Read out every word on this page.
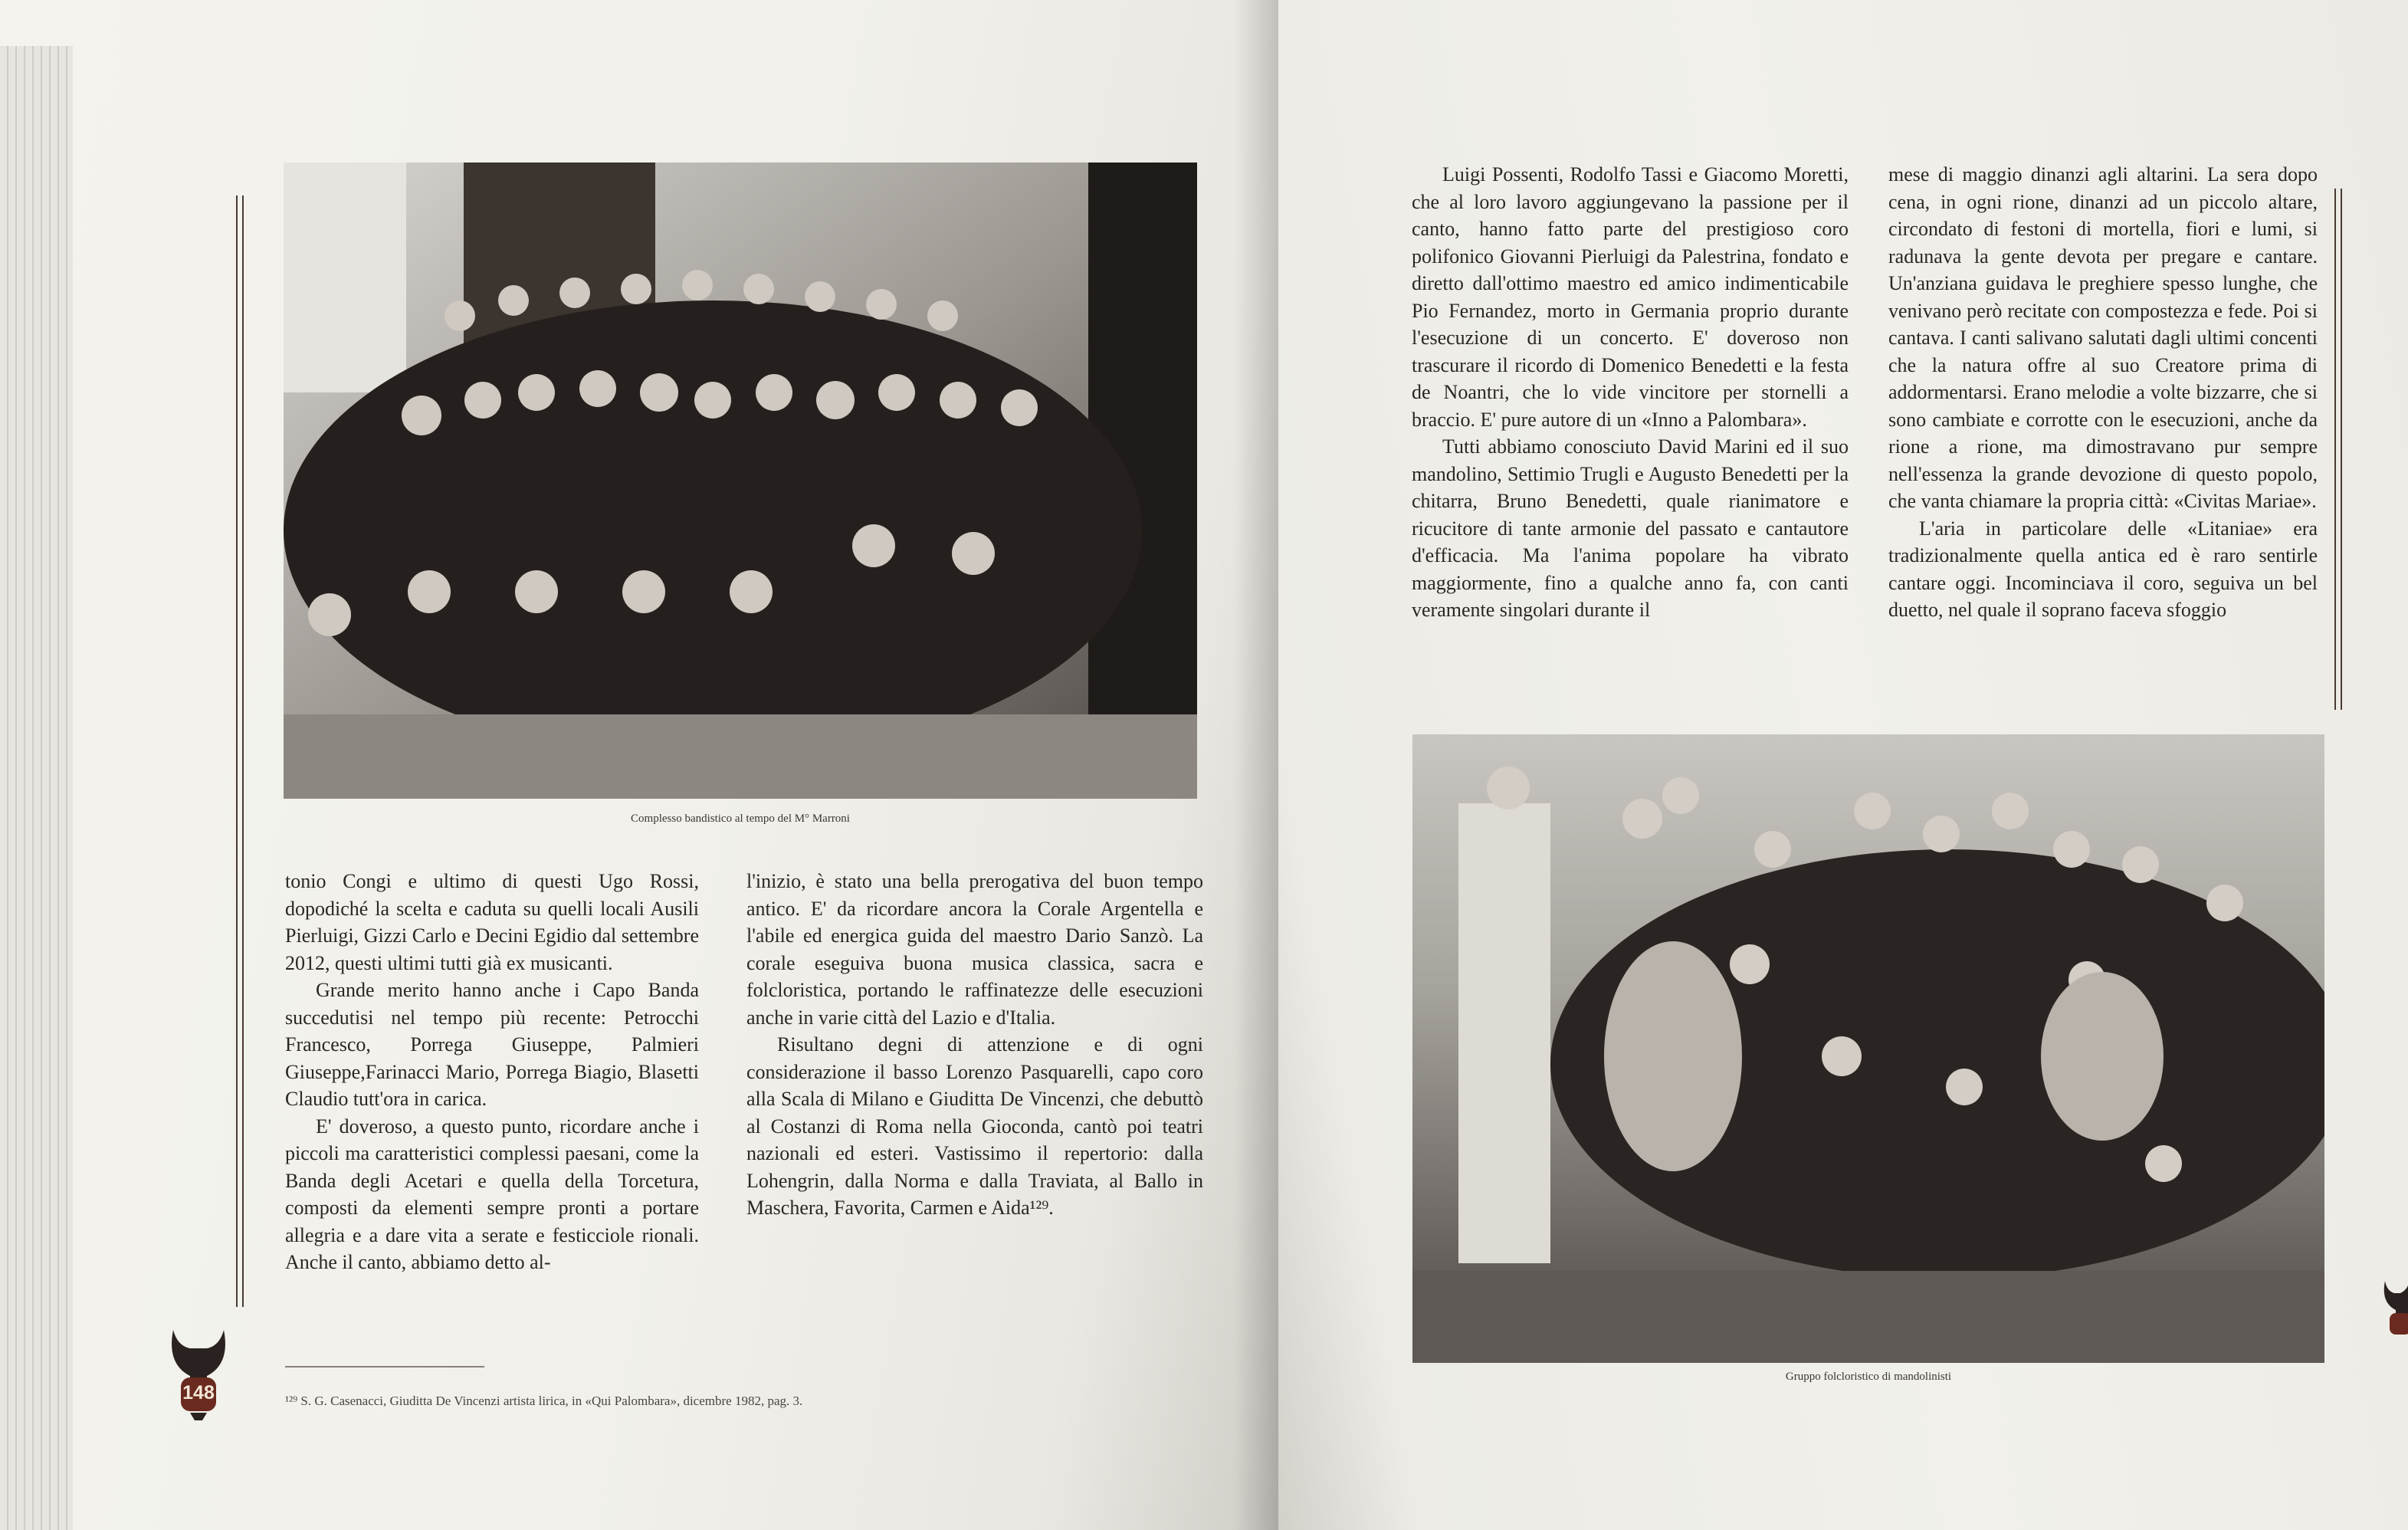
Complesso bandistico al tempo del M° Marroni

tonio Congi e ultimo di questi Ugo Rossi, dopodiché la scelta e caduta su quelli locali Ausili Pierluigi, Gizzi Carlo e Decini Egidio dal settembre 2012, questi ultimi tutti già ex musicanti.

Grande merito hanno anche i Capo Banda succedutisi nel tempo più recente: Petrocchi Francesco, Porrega Giuseppe, Palmieri Giuseppe,Farinacci Mario, Porrega Biagio, Blasetti Claudio tutt'ora in carica.

E' doveroso, a questo punto, ricordare anche i piccoli ma caratteristici complessi paesani, come la Banda degli Acetari e quella della Torcetura, composti da elementi sempre pronti a portare allegria e a dare vita a serate e festicciole rionali. Anche il canto, abbiamo detto al-

l'inizio, è stato una bella prerogativa del buon tempo antico. E' da ricordare ancora la Corale Argentella e l'abile ed energica guida del maestro Dario Sanzò. La corale eseguiva buona musica classica, sacra e folcloristica, portando le raffinatezze delle esecuzioni anche in varie città del Lazio e d'Italia.

Risultano degni di attenzione e di ogni considerazione il basso Lorenzo Pasquarelli, capo coro alla Scala di Milano e Giuditta De Vincenzi, che debuttò al Costanzi di Roma nella Gioconda, cantò poi teatri nazionali ed esteri. Vastissimo il repertorio: dalla Lohengrin, dalla Norma e dalla Traviata, al Ballo in Maschera, Favorita, Carmen e Aida¹²⁹.

148	¹²⁹ S. G. Casenacci, Giuditta De Vincenzi artista lirica, in «Qui Palombara», dicembre 1982, pag. 3.

Luigi Possenti, Rodolfo Tassi e Giacomo Moretti, che al loro lavoro aggiungevano la passione per il canto, hanno fatto parte del prestigioso coro polifonico Giovanni Pierluigi da Palestrina, fondato e diretto dall'ottimo maestro ed amico indimenticabile Pio Fernandez, morto in Germania proprio durante l'esecuzione di un concerto. E' doveroso non trascurare il ricordo di Domenico Benedetti e la festa de Noantri, che lo vide vincitore per stornelli a braccio. E' pure autore di un «Inno a Palombara».

Tutti abbiamo conosciuto David Marini ed il suo mandolino, Settimio Trugli e Augusto Benedetti per la chitarra, Bruno Benedetti, quale rianimatore e ricucitore di tante armonie del passato e cantautore d'efficacia. Ma l'anima popolare ha vibrato maggiormente, fino a qualche anno fa, con canti veramente singolari durante il

mese di maggio dinanzi agli altarini. La sera dopo cena, in ogni rione, dinanzi ad un piccolo altare, circondato di festoni di mortella, fiori e lumi, si radunava la gente devota per pregare e cantare. Un'anziana guidava le preghiere spesso lunghe, che venivano però recitate con compostezza e fede. Poi si cantava. I canti salivano salutati dagli ultimi concenti che la natura offre al suo Creatore prima di addormentarsi. Erano melodie a volte bizzarre, che si sono cambiate e corrotte con le esecuzioni, anche da rione a rione, ma dimostravano pur sempre nell'essenza la grande devozione di questo popolo, che vanta chiamare la propria città: «Civitas Mariae».

L'aria in particolare delle «Litaniae» era tradizionalmente quella antica ed è raro sentirle cantare oggi. Incominciava il coro, seguiva un bel duetto, nel quale il soprano faceva sfoggio

Gruppo folcloristico di mandolinisti
